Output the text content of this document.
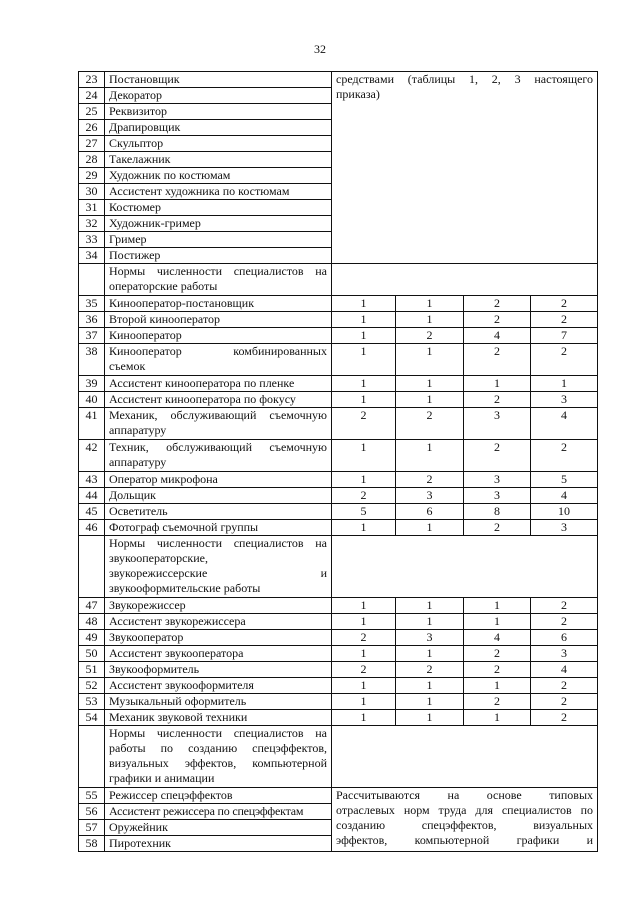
32
23	Постановщик	средствами (таблицы 1, 2, 3 настоящего
приказа)			

24	Декоратор				
25	Реквизитор				
26	Драпировщик				
27	Скульптор				
28	Такелажник				
29	Художник по костюмам				
30	Ассистент художника по костюмам				
31	Костюмер				
32	Художник-гример				
33	Гример				
34	Постижер				

	Нормы численности специалистов на
операторские работы				

35	Кинооператор-постановщик	1	1	2	2
36	Второй кинооператор	1	1	2	2
37	Кинооператор	1	2	4	7
38	Кинооператор комбинированных
съемок	1	1	2	2
39	Ассистент кинооператора по пленке	1	1	1	1
40	Ассистент кинооператора по фокусу	1	1	2	3
41	Механик, обслуживающий съемочную
аппаратуру	2	2	3	4
42	Техник, обслуживающий съемочную
аппаратуру	1	1	2	2
43	Оператор микрофона	1	2	3	5
44	Дольщик	2	3	3	4
45	Осветитель	5	6	8	10
46	Фотограф съемочной группы	1	1	2	3

	Нормы численности специалистов на
звукооператорские,
звукорежиссерские и
звукооформительские работы				

47	Звукорежиссер	1	1	1	2
48	Ассистент звукорежиссера	1	1	1	2
49	Звукооператор	2	3	4	6
50	Ассистент звукооператора	1	1	2	3
51	Звукооформитель	2	2	2	4
52	Ассистент звукооформителя	1	1	1	2
53	Музыкальный оформитель	1	1	2	2
54	Механик звуковой техники	1	1	1	2

	Нормы численности специалистов на
работы по созданию спецэффектов,
визуальных эффектов, компьютерной
графики и анимации				

55	Режиссер спецэффектов	Рассчитываются на основе типовых
отраслевых норм труда для специалистов по
созданию спецэффектов, визуальных
эффектов, компьютерной графики и			

56	Ассистент режиссера по спецэффектам				
57	Оружейник				
58	Пиротехник				
